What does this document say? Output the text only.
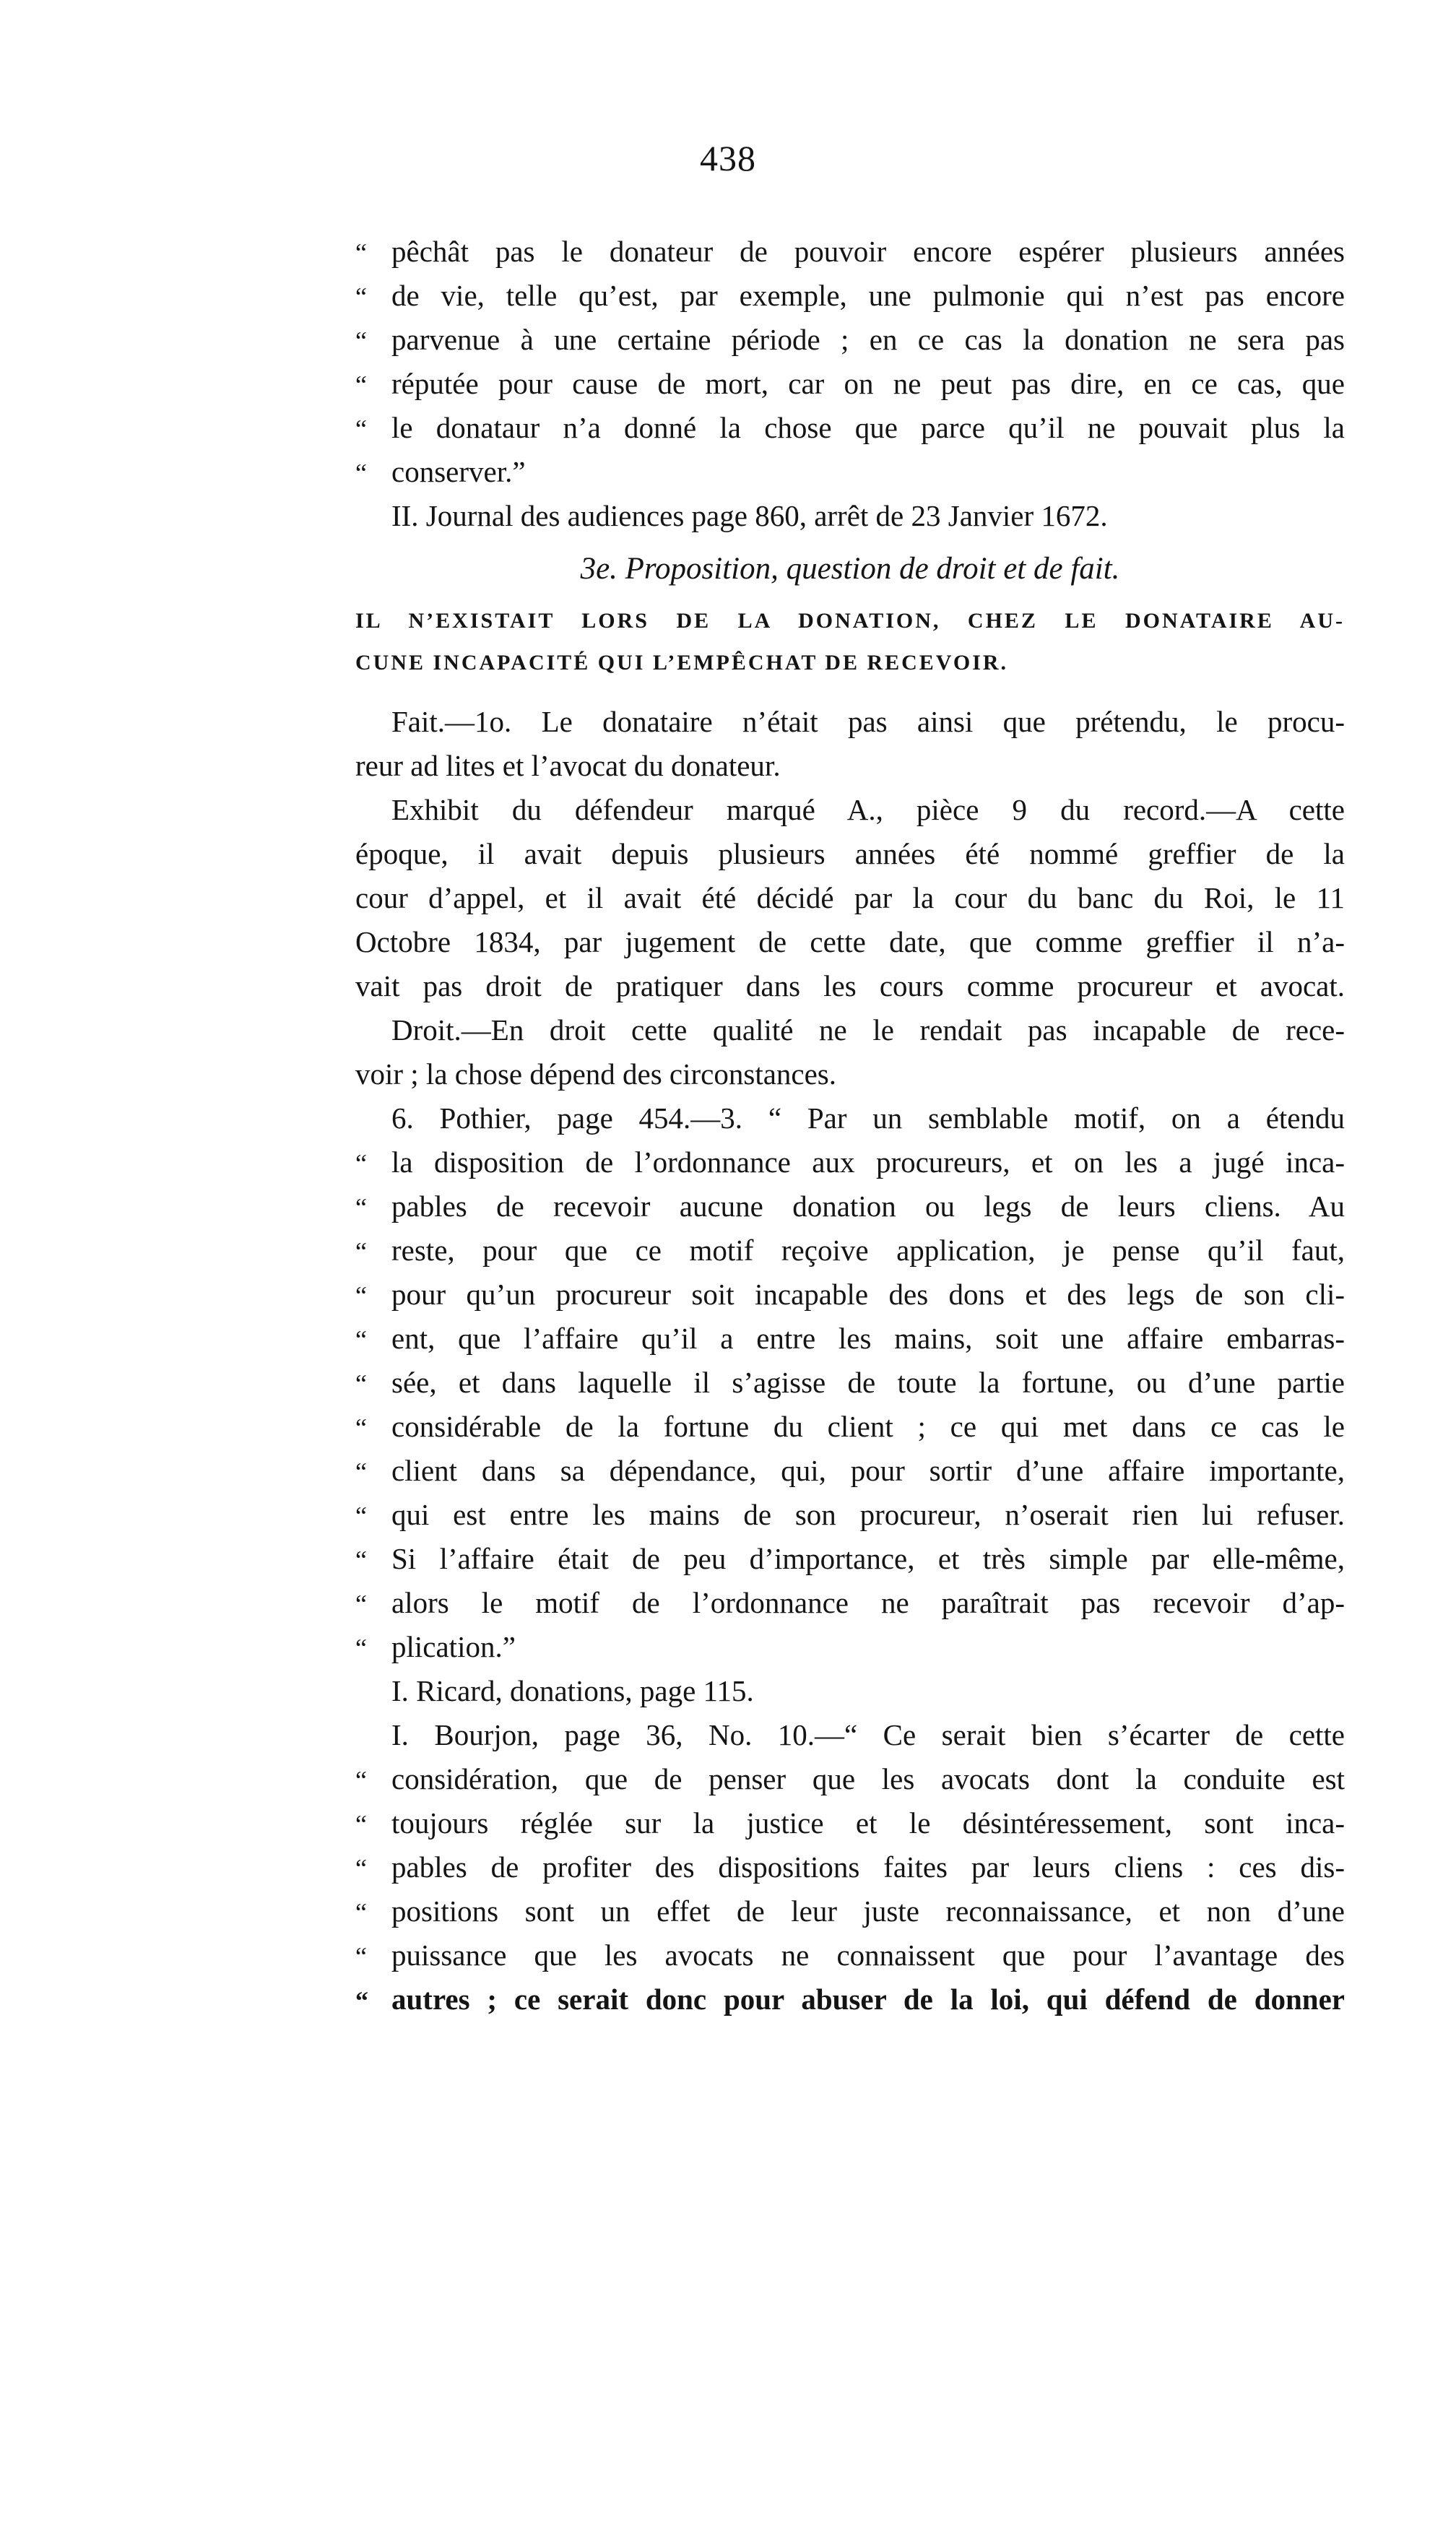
438
“ pêchât pas le donateur de pouvoir encore espérer plusieurs années
“ de vie, telle qu’est, par exemple, une pulmonie qui n’est pas encore
“ parvenue à une certaine période ; en ce cas la donation ne sera pas
“ réputée pour cause de mort, car on ne peut pas dire, en ce cas, que
“ le donataur n’a donné la chose que parce qu’il ne pouvait plus la
“ conserver.”
II. Journal des audiences page 860, arrêt de 23 Janvier 1672.
3e. Proposition, question de droit et de fait.
IL N’EXISTAIT LORS DE LA DONATION, CHEZ LE DONATAIRE AU-
CUNE INCAPACITÉ QUI L’EMPÊCHAT DE RECEVOIR.
Fait.—1o. Le donataire n’était pas ainsi que prétendu, le procu-
reur ad lites et l’avocat du donateur.
Exhibit du défendeur marqué A., pièce 9 du record.—A cette
époque, il avait depuis plusieurs années été nommé greffier de la
cour d’appel, et il avait été décidé par la cour du banc du Roi, le 11
Octobre 1834, par jugement de cette date, que comme greffier il n’a-
vait pas droit de pratiquer dans les cours comme procureur et avocat.
Droit.—En droit cette qualité ne le rendait pas incapable de rece-
voir ; la chose dépend des circonstances.
6. Pothier, page 454.—3. “ Par un semblable motif, on a étendu
“ la disposition de l’ordonnance aux procureurs, et on les a jugé inca-
“ pables de recevoir aucune donation ou legs de leurs cliens. Au
“ reste, pour que ce motif reçoive application, je pense qu’il faut,
“ pour qu’un procureur soit incapable des dons et des legs de son cli-
“ ent, que l’affaire qu’il a entre les mains, soit une affaire embarras-
“ sée, et dans laquelle il s’agisse de toute la fortune, ou d’une partie
“ considérable de la fortune du client ; ce qui met dans ce cas le
“ client dans sa dépendance, qui, pour sortir d’une affaire importante,
“ qui est entre les mains de son procureur, n’oserait rien lui refuser.
“ Si l’affaire était de peu d’importance, et très simple par elle-même,
“ alors le motif de l’ordonnance ne paraîtrait pas recevoir d’ap-
“ plication.”
I. Ricard, donations, page 115.
I. Bourjon, page 36, No. 10.—“ Ce serait bien s’écarter de cette
“ considération, que de penser que les avocats dont la conduite est
“ toujours réglée sur la justice et le désintéressement, sont inca-
“ pables de profiter des dispositions faites par leurs cliens : ces dis-
“ positions sont un effet de leur juste reconnaissance, et non d’une
“ puissance que les avocats ne connaissent que pour l’avantage des
“ autres ; ce serait donc pour abuser de la loi, qui défend de donner
